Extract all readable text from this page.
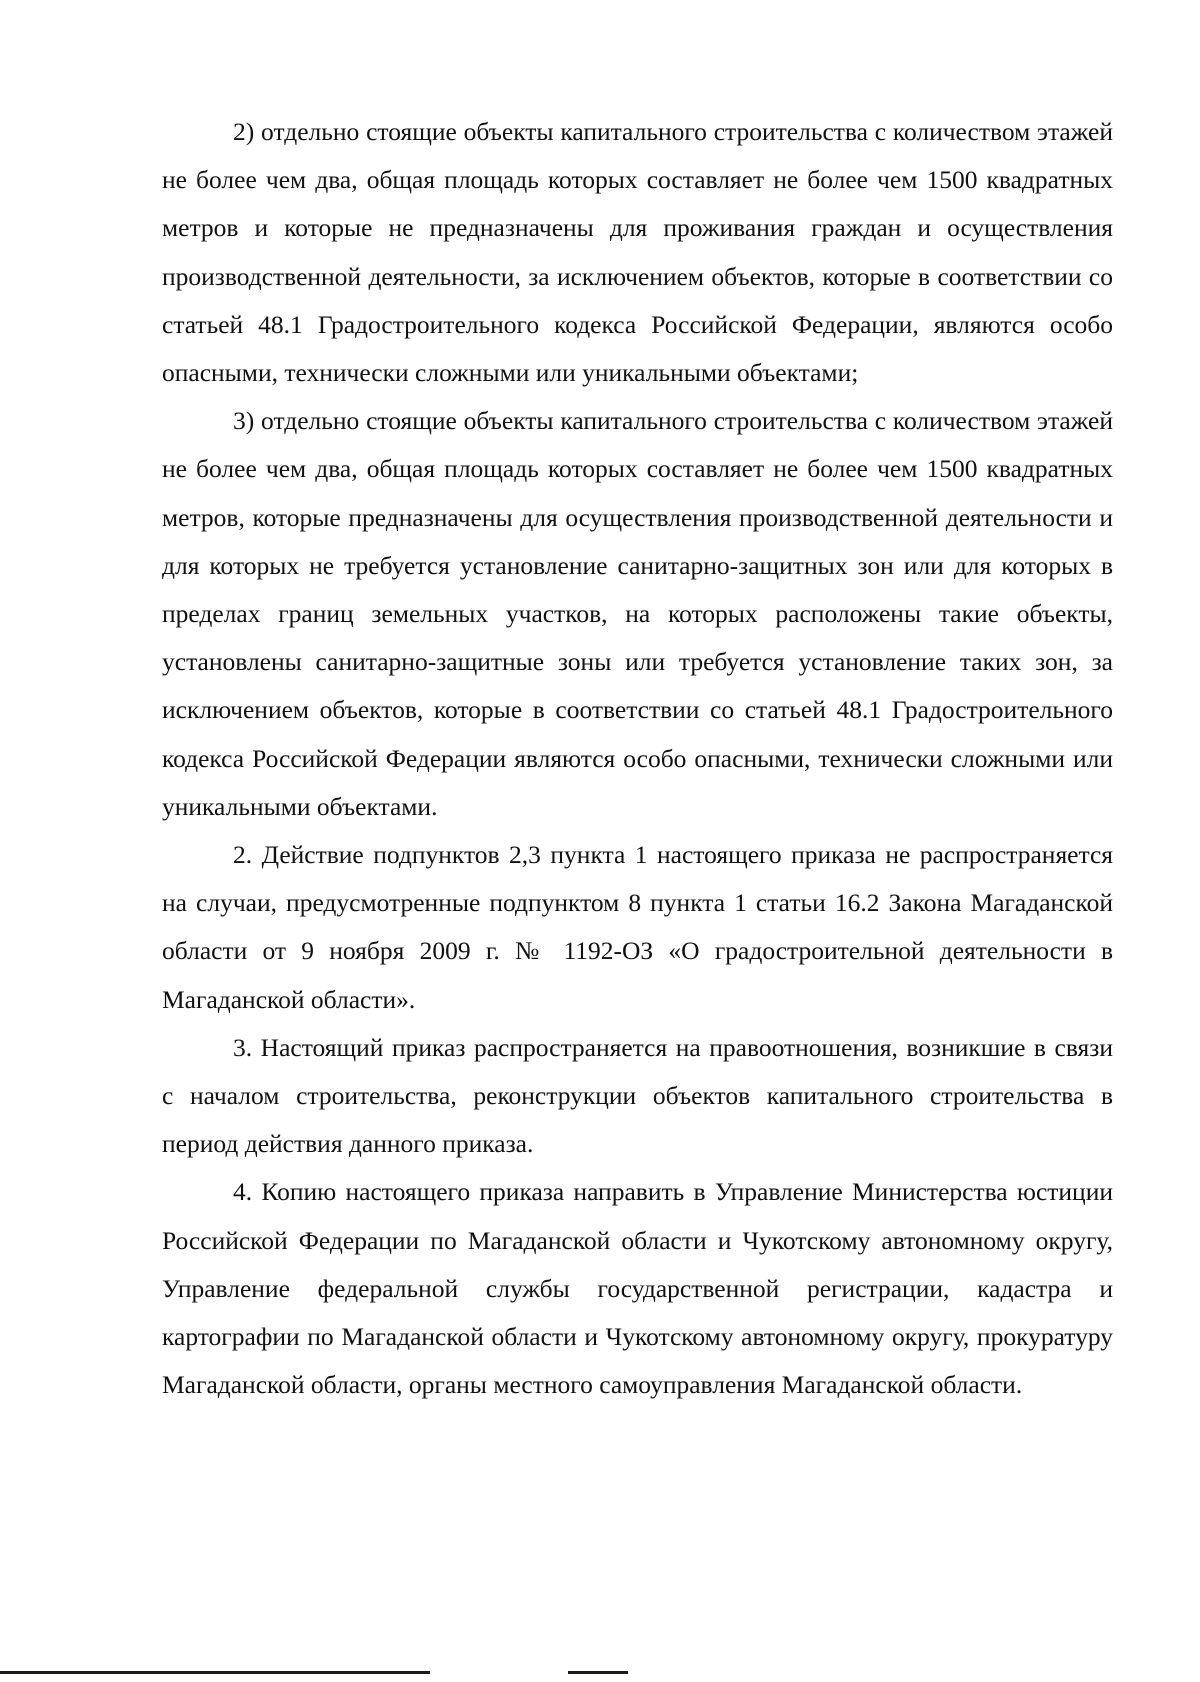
2) отдельно стоящие объекты капитального строительства с количеством этажей не более чем два, общая площадь которых составляет не более чем 1500 квадратных метров и которые не предназначены для проживания граждан и осуществления производственной деятельности, за исключением объектов, которые в соответствии со статьей 48.1 Градостроительного кодекса Российской Федерации, являются особо опасными, технически сложными или уникальными объектами;

3) отдельно стоящие объекты капитального строительства с количеством этажей не более чем два, общая площадь которых составляет не более чем 1500 квадратных метров, которые предназначены для осуществления производственной деятельности и для которых не требуется установление санитарно-защитных зон или для которых в пределах границ земельных участков, на которых расположены такие объекты, установлены санитарно-защитные зоны или требуется установление таких зон, за исключением объектов, которые в соответствии со статьей 48.1 Градостроительного кодекса Российской Федерации являются особо опасными, технически сложными или уникальными объектами.

2. Действие подпунктов 2,3 пункта 1 настоящего приказа не распространяется на случаи, предусмотренные подпунктом 8 пункта 1 статьи 16.2 Закона Магаданской области от 9 ноября 2009 г. № 1192-ОЗ «О градостроительной деятельности в Магаданской области».

3. Настоящий приказ распространяется на правоотношения, возникшие в связи с началом строительства, реконструкции объектов капитального строительства в период действия данного приказа.

4. Копию настоящего приказа направить в Управление Министерства юстиции Российской Федерации по Магаданской области и Чукотскому автономному округу, Управление федеральной службы государственной регистрации, кадастра и картографии по Магаданской области и Чукотскому автономному округу, прокуратуру Магаданской области, органы местного самоуправления Магаданской области.
